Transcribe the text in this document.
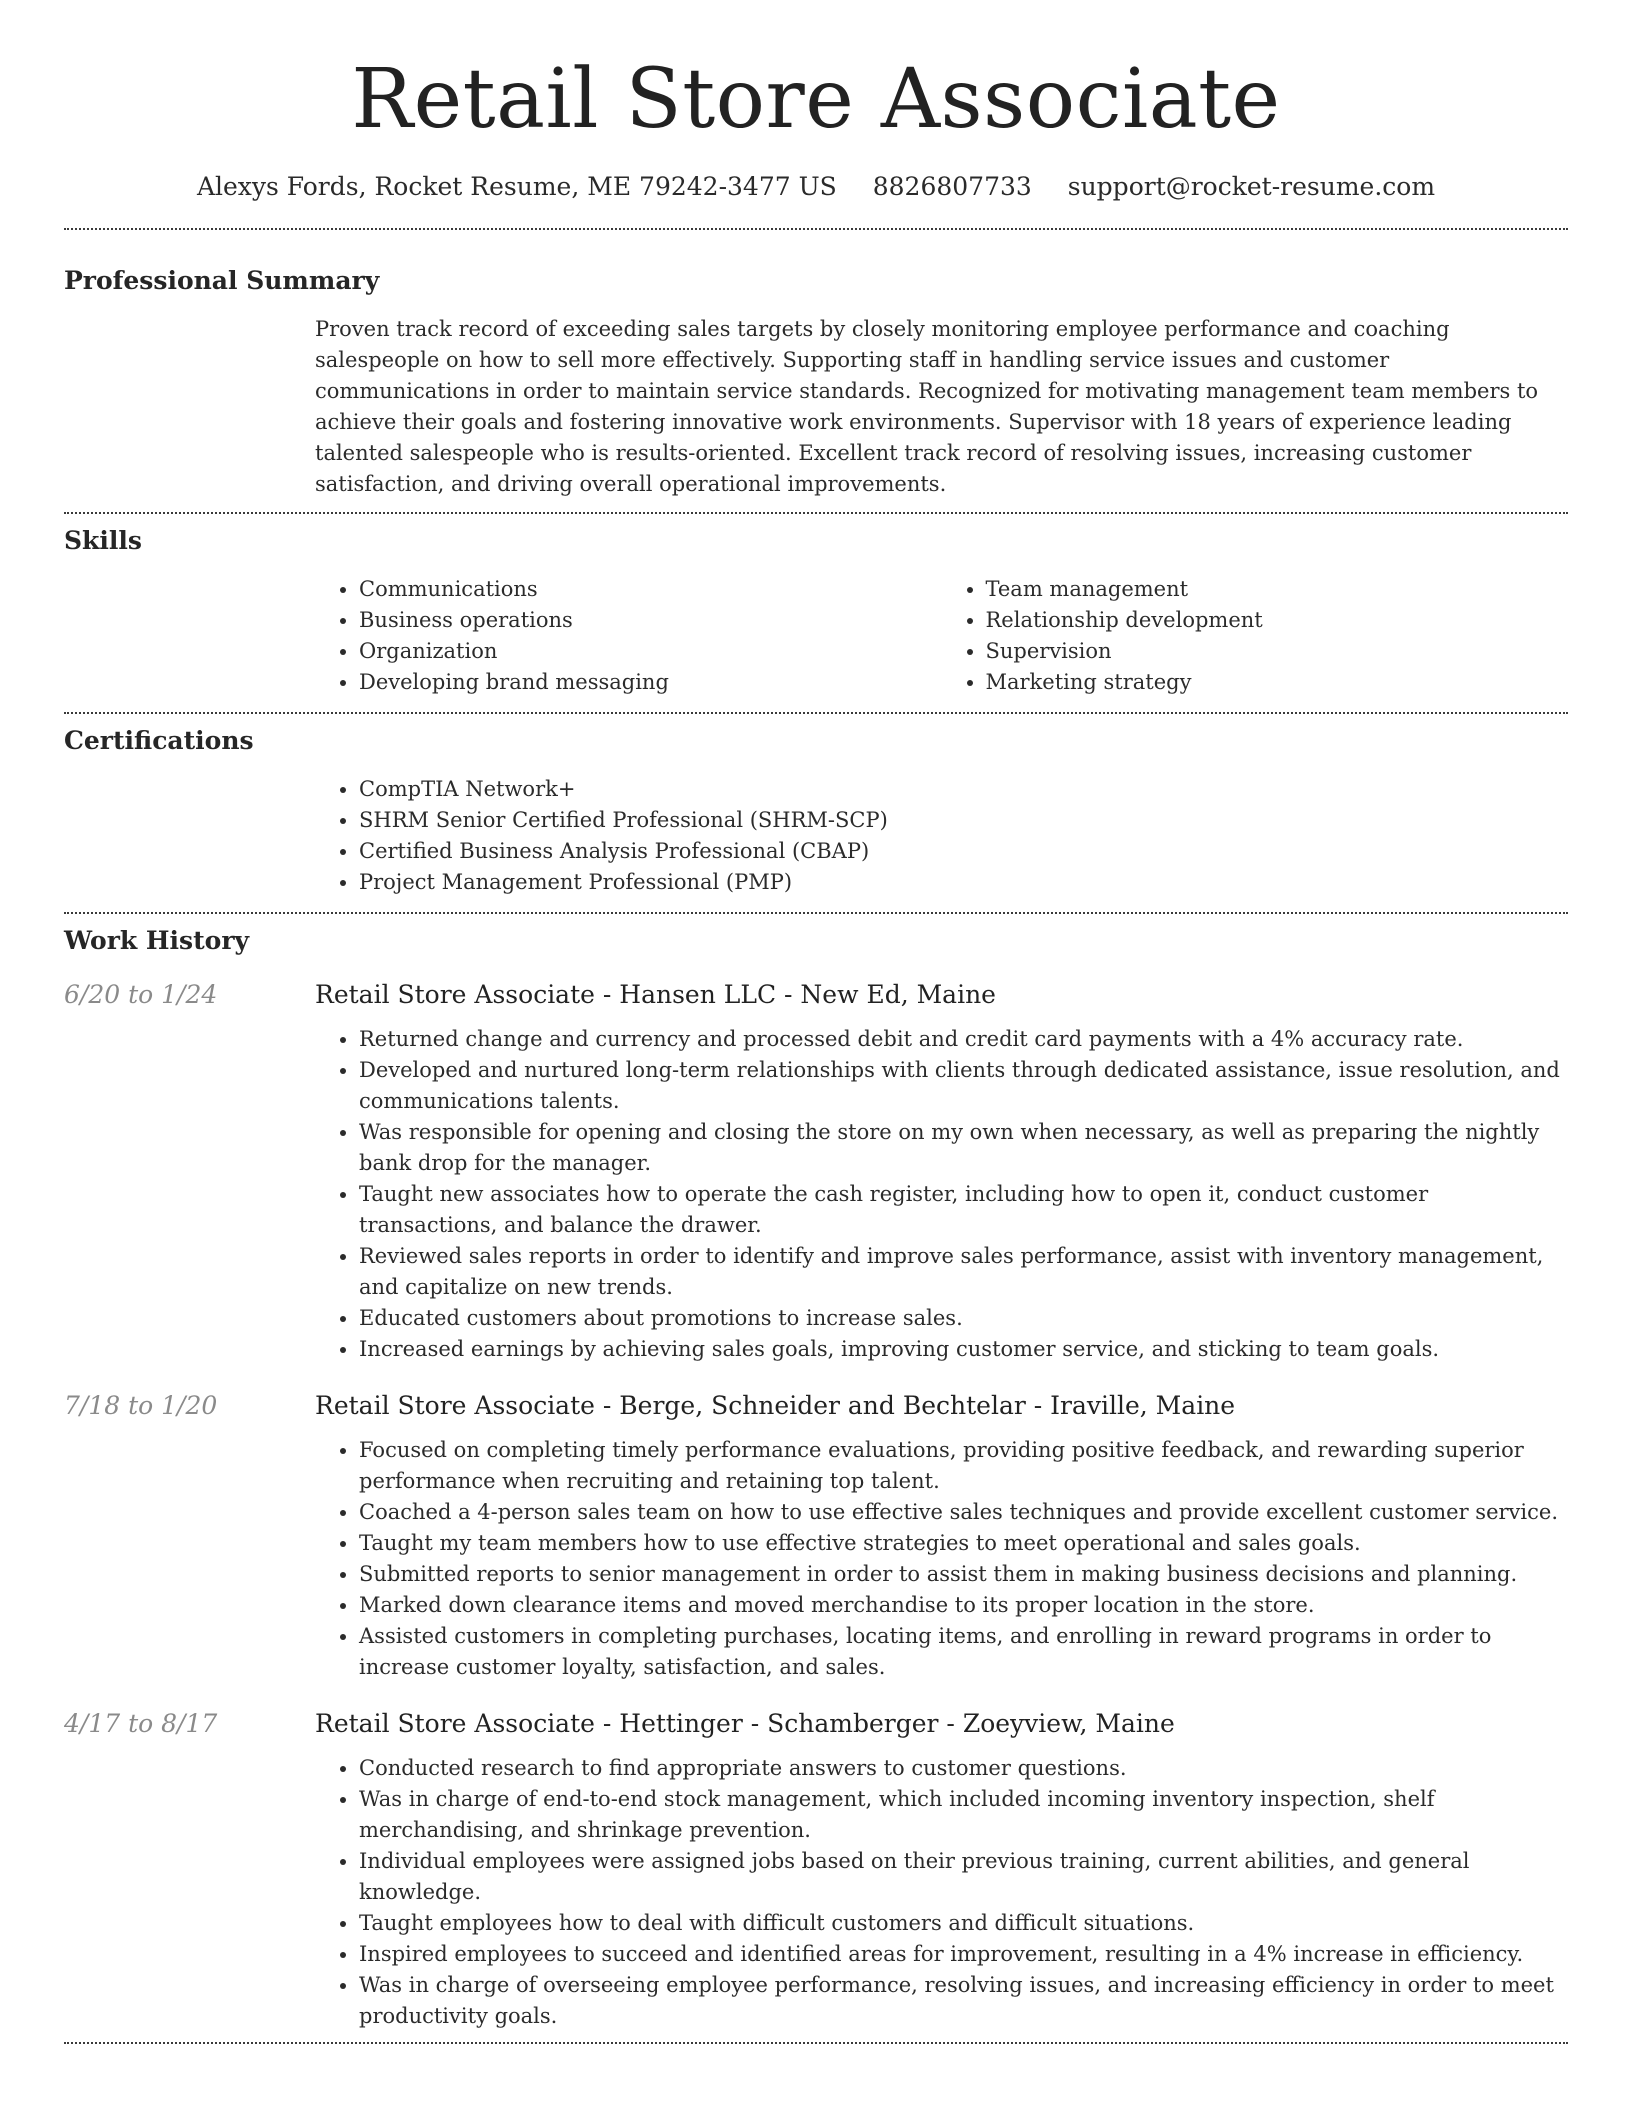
Retail Store Associate
Alexys Fords, Rocket Resume, ME 79242-3477 US 8826807733 support@rocket-resume.com
Professional Summary
Proven track record of exceeding sales targets by closely monitoring employee performance and coaching salespeople on how to sell more effectively. Supporting staff in handling service issues and customer communications in order to maintain service standards. Recognized for motivating management team members to achieve their goals and fostering innovative work environments. Supervisor with 18 years of experience leading talented salespeople who is results-oriented. Excellent track record of resolving issues, increasing customer satisfaction, and driving overall operational improvements.
Skills
• Communications
• Business operations
• Organization
• Developing brand messaging
• Team management
• Relationship development
• Supervision
• Marketing strategy
Certifications
• CompTIA Network+
• SHRM Senior Certified Professional (SHRM-SCP)
• Certified Business Analysis Professional (CBAP)
• Project Management Professional (PMP)
Work History
6/20 to 1/24	Retail Store Associate - Hansen LLC - New Ed, Maine
• Returned change and currency and processed debit and credit card payments with a 4% accuracy rate.
• Developed and nurtured long-term relationships with clients through dedicated assistance, issue resolution, and communications talents.
• Was responsible for opening and closing the store on my own when necessary, as well as preparing the nightly bank drop for the manager.
• Taught new associates how to operate the cash register, including how to open it, conduct customer transactions, and balance the drawer.
• Reviewed sales reports in order to identify and improve sales performance, assist with inventory management, and capitalize on new trends.
• Educated customers about promotions to increase sales.
• Increased earnings by achieving sales goals, improving customer service, and sticking to team goals.
7/18 to 1/20	Retail Store Associate - Berge, Schneider and Bechtelar - Iraville, Maine
• Focused on completing timely performance evaluations, providing positive feedback, and rewarding superior performance when recruiting and retaining top talent.
• Coached a 4-person sales team on how to use effective sales techniques and provide excellent customer service.
• Taught my team members how to use effective strategies to meet operational and sales goals.
• Submitted reports to senior management in order to assist them in making business decisions and planning.
• Marked down clearance items and moved merchandise to its proper location in the store.
• Assisted customers in completing purchases, locating items, and enrolling in reward programs in order to increase customer loyalty, satisfaction, and sales.
4/17 to 8/17	Retail Store Associate - Hettinger - Schamberger - Zoeyview, Maine
• Conducted research to find appropriate answers to customer questions.
• Was in charge of end-to-end stock management, which included incoming inventory inspection, shelf merchandising, and shrinkage prevention.
• Individual employees were assigned jobs based on their previous training, current abilities, and general knowledge.
• Taught employees how to deal with difficult customers and difficult situations.
• Inspired employees to succeed and identified areas for improvement, resulting in a 4% increase in efficiency.
• Was in charge of overseeing employee performance, resolving issues, and increasing efficiency in order to meet productivity goals.
